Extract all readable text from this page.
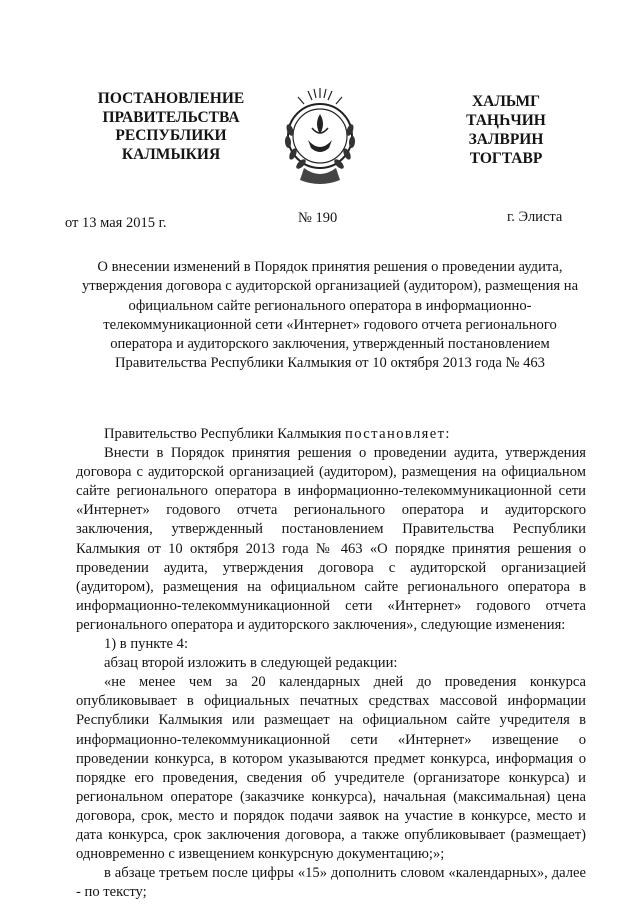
ПОСТАНОВЛЕНИЕ
ПРАВИТЕЛЬСТВА
РЕСПУБЛИКИ
КАЛМЫКИЯ
ХАЛЬМГ
ТАҢҺЧИН
ЗАЛВРИН
ТОГТАВР
от 13 мая 2015 г.	№ 190	г. Элиста
О внесении изменений в Порядок принятия решения о проведении аудита, утверждения договора с аудиторской организацией (аудитором), размещения на официальном сайте регионального оператора в информационно-телекоммуникационной сети «Интернет» годового отчета регионального оператора и аудиторского заключения, утвержденный постановлением Правительства Республики Калмыкия от 10 октября 2013 года № 463

Правительство Республики Калмыкия постановляет:

Внести в Порядок принятия решения о проведении аудита, утверждения договора с аудиторской организацией (аудитором), размещения на официальном сайте регионального оператора в информационно-телекоммуникационной сети «Интернет» годового отчета регионального оператора и аудиторского заключения, утвержденный постановлением Правительства Республики Калмыкия от 10 октября 2013 года № 463 «О порядке принятия решения о проведении аудита, утверждения договора с аудиторской организацией (аудитором), размещения на официальном сайте регионального оператора в информационно-телекоммуникационной сети «Интернет» годового отчета регионального оператора и аудиторского заключения», следующие изменения:

1) в пункте 4:

абзац второй изложить в следующей редакции:

«не менее чем за 20 календарных дней до проведения конкурса опубликовывает в официальных печатных средствах массовой информации Республики Калмыкия или размещает на официальном сайте учредителя в информационно-телекоммуникационной сети «Интернет» извещение о проведении конкурса, в котором указываются предмет конкурса, информация о порядке его проведения, сведения об учредителе (организаторе конкурса) и региональном операторе (заказчике конкурса), начальная (максимальная) цена договора, срок, место и порядок подачи заявок на участие в конкурсе, место и дата конкурса, срок заключения договора, а также опубликовывает (размещает) одновременно с извещением конкурсную документацию;»;

в абзаце третьем после цифры «15» дополнить словом «календарных», далее - по тексту;
